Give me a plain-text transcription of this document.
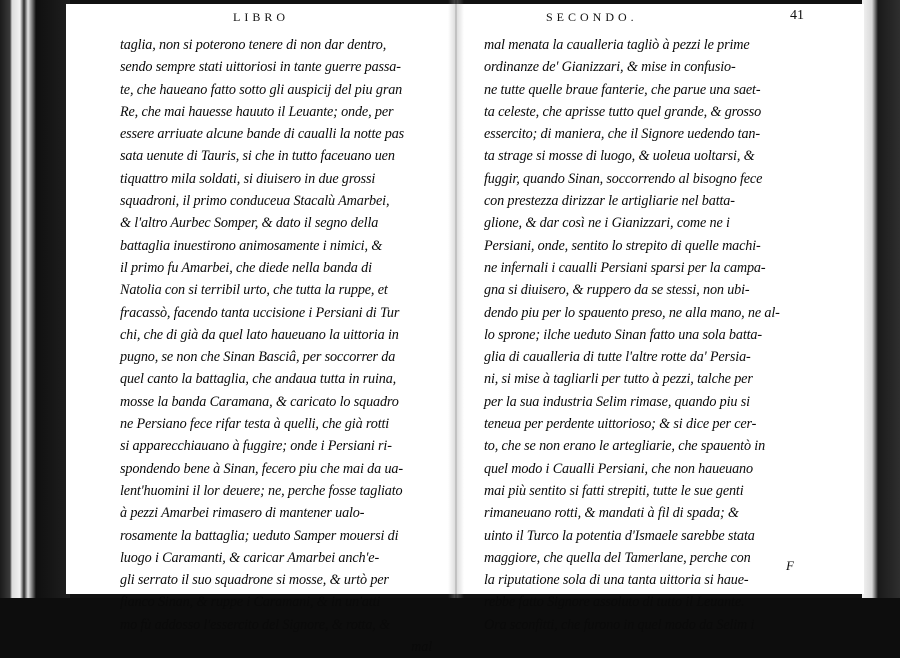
LIBRO
taglia, non si poterono tenere di non dar dentro,
sendo sempre stati uittoriosi in tante guerre passa-
te, che haueano fatto sotto gli auspicij del piu gran
Re, che mai hauesse hauuto il Leuante; onde, per
essere arriuate alcune bande di caualli la notte pas
sata uenute di Tauris, si che in tutto faceuano uen
tiquattro mila soldati, si diuisero in due grossi
squadroni, il primo conduceua Stacalù Amarbei,
& l'altro Aurbec Somper, & dato il segno della
battaglia inuestirono animosamente i nimici, &
il primo fu Amarbei, che diede nella banda di
Natolia con si terribil urto, che tutta la ruppe, et
fracassò, facendo tanta uccisione i Persiani di Tur
chi, che di già da quel lato haueuano la uittoria in
pugno, se non che Sinan Basciâ, per soccorrer da
quel canto la battaglia, che andaua tutta in ruina,
mosse la banda Caramana, & caricato lo squadro
ne Persiano fece rifar testa à quelli, che già rotti
si apparecchiauano à fuggire; onde i Persiani ri-
spondendo bene à Sinan, fecero piu che mai da ua-
lent'huomini il lor deuere; ne, perche fosse tagliato
à pezzi Amarbei rimasero di mantener ualo-
rosamente la battaglia; ueduto Samper mouersi di
luogo i Caramanti, & caricar Amarbei anch'e-
gli serrato il suo squadrone si mosse, & urtò per
fianco Sinan, & ruppe i Caramani, & in un'atti
mo fù addosso l'essercito del Signore, & rotta, &
mal
SECONDO.	41
mal menata la caualleria tagliò à pezzi le prime
ordinanze de' Gianizzari, & mise in confusio-
ne tutte quelle braue fanterie, che parue una saet-
ta celeste, che aprisse tutto quel grande, & grosso
essercito; di maniera, che il Signore uedendo tan-
ta strage si mosse di luogo, & uoleua uoltarsi, &
fuggir, quando Sinan, soccorrendo al bisogno fece
con prestezza dirizzar le artigliarie nel batta-
glione, & dar così ne i Gianizzari, come ne i
Persiani, onde, sentito lo strepito di quelle machi-
ne infernali i caualli Persiani sparsi per la campa-
gna si diuisero, & ruppero da se stessi, non ubi-
dendo piu per lo spauento preso, ne alla mano, ne al-
lo sprone; ilche ueduto Sinan fatto una sola batta-
glia di caualleria di tutte l'altre rotte da' Persia-
ni, si mise à tagliarli per tutto à pezzi, talche per
per la sua industria Selim rimase, quando piu si
teneua per perdente uittorioso; & si dice per cer-
to, che se non erano le artegliarie, che spauentò in
quel modo i Caualli Persiani, che non haueuano
mai più sentito si fatti strepiti, tutte le sue genti
rimaneuano rotti, & mandati à fil di spada; &
uinto il Turco la potentia d'Ismaele sarebbe stata
maggiore, che quella del Tamerlane, perche con
la riputatione sola di una tanta uittoria si haue-
rebbe fatto Signore assoluto di tutto il Leuante.
Ora sconfitti, che furono in quel modo da Selim i
F
